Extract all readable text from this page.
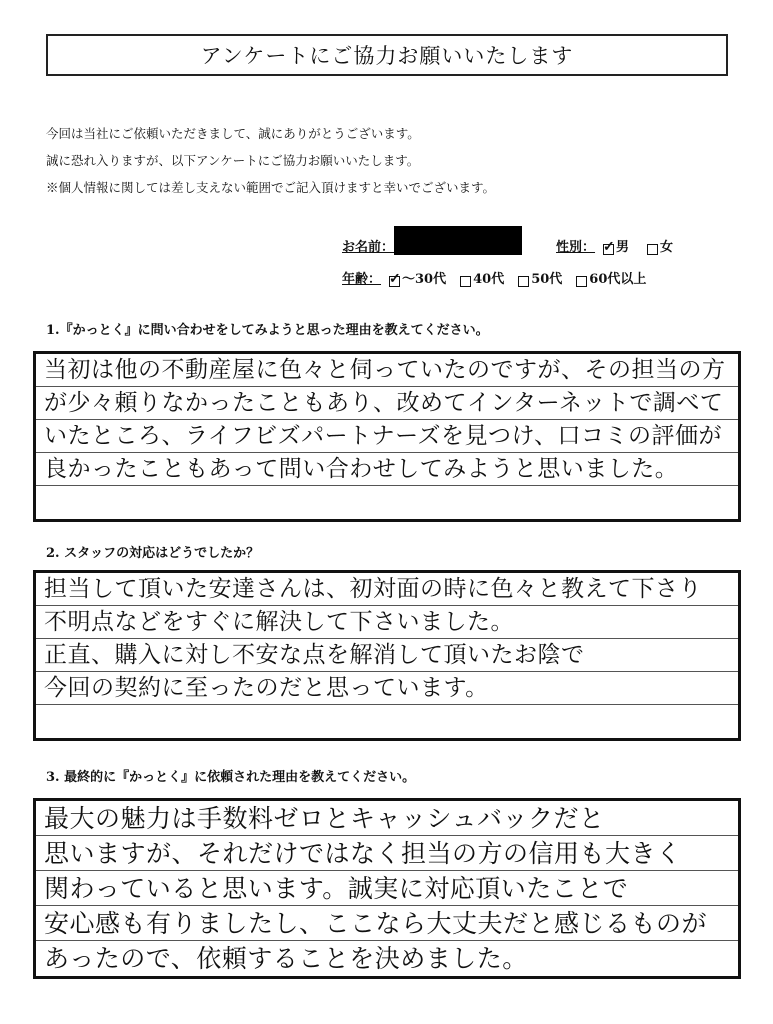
アンケートにご協力お願いいたします
今回は当社にご依頼いただきまして、誠にありがとうございます。
誠に恐れ入りますが、以下アンケートにご協力お願いいたします。
※個人情報に関しては差し支えない範囲でご記入頂けますと幸いでございます。
お名前：	性別： ✓ 男 女
年齢： ✓ ～30代 40代 50代 60代以上
1.『かっとく』に問い合わせをしてみようと思った理由を教えてください。
当初は他の不動産屋に色々と伺っていたのですが、その担当の方
が少々頼りなかったこともあり、改めてインターネットで調べて
いたところ、ライフビズパートナーズを見つけ、口コミの評価が
良かったこともあって問い合わせしてみようと思いました。
2. スタッフの対応はどうでしたか？
担当して頂いた安達さんは、初対面の時に色々と教えて下さり
不明点などをすぐに解決して下さいました。
正直、購入に対し不安な点を解消して頂いたお陰で
今回の契約に至ったのだと思っています。
3. 最終的に『かっとく』に依頼された理由を教えてください。
最大の魅力は手数料ゼロとキャッシュバックだと
思いますが、それだけではなく担当の方の信用も大きく
関わっていると思います。誠実に対応頂いたことで
安心感も有りましたし、ここなら大丈夫だと感じるものが
あったので、依頼することを決めました。
